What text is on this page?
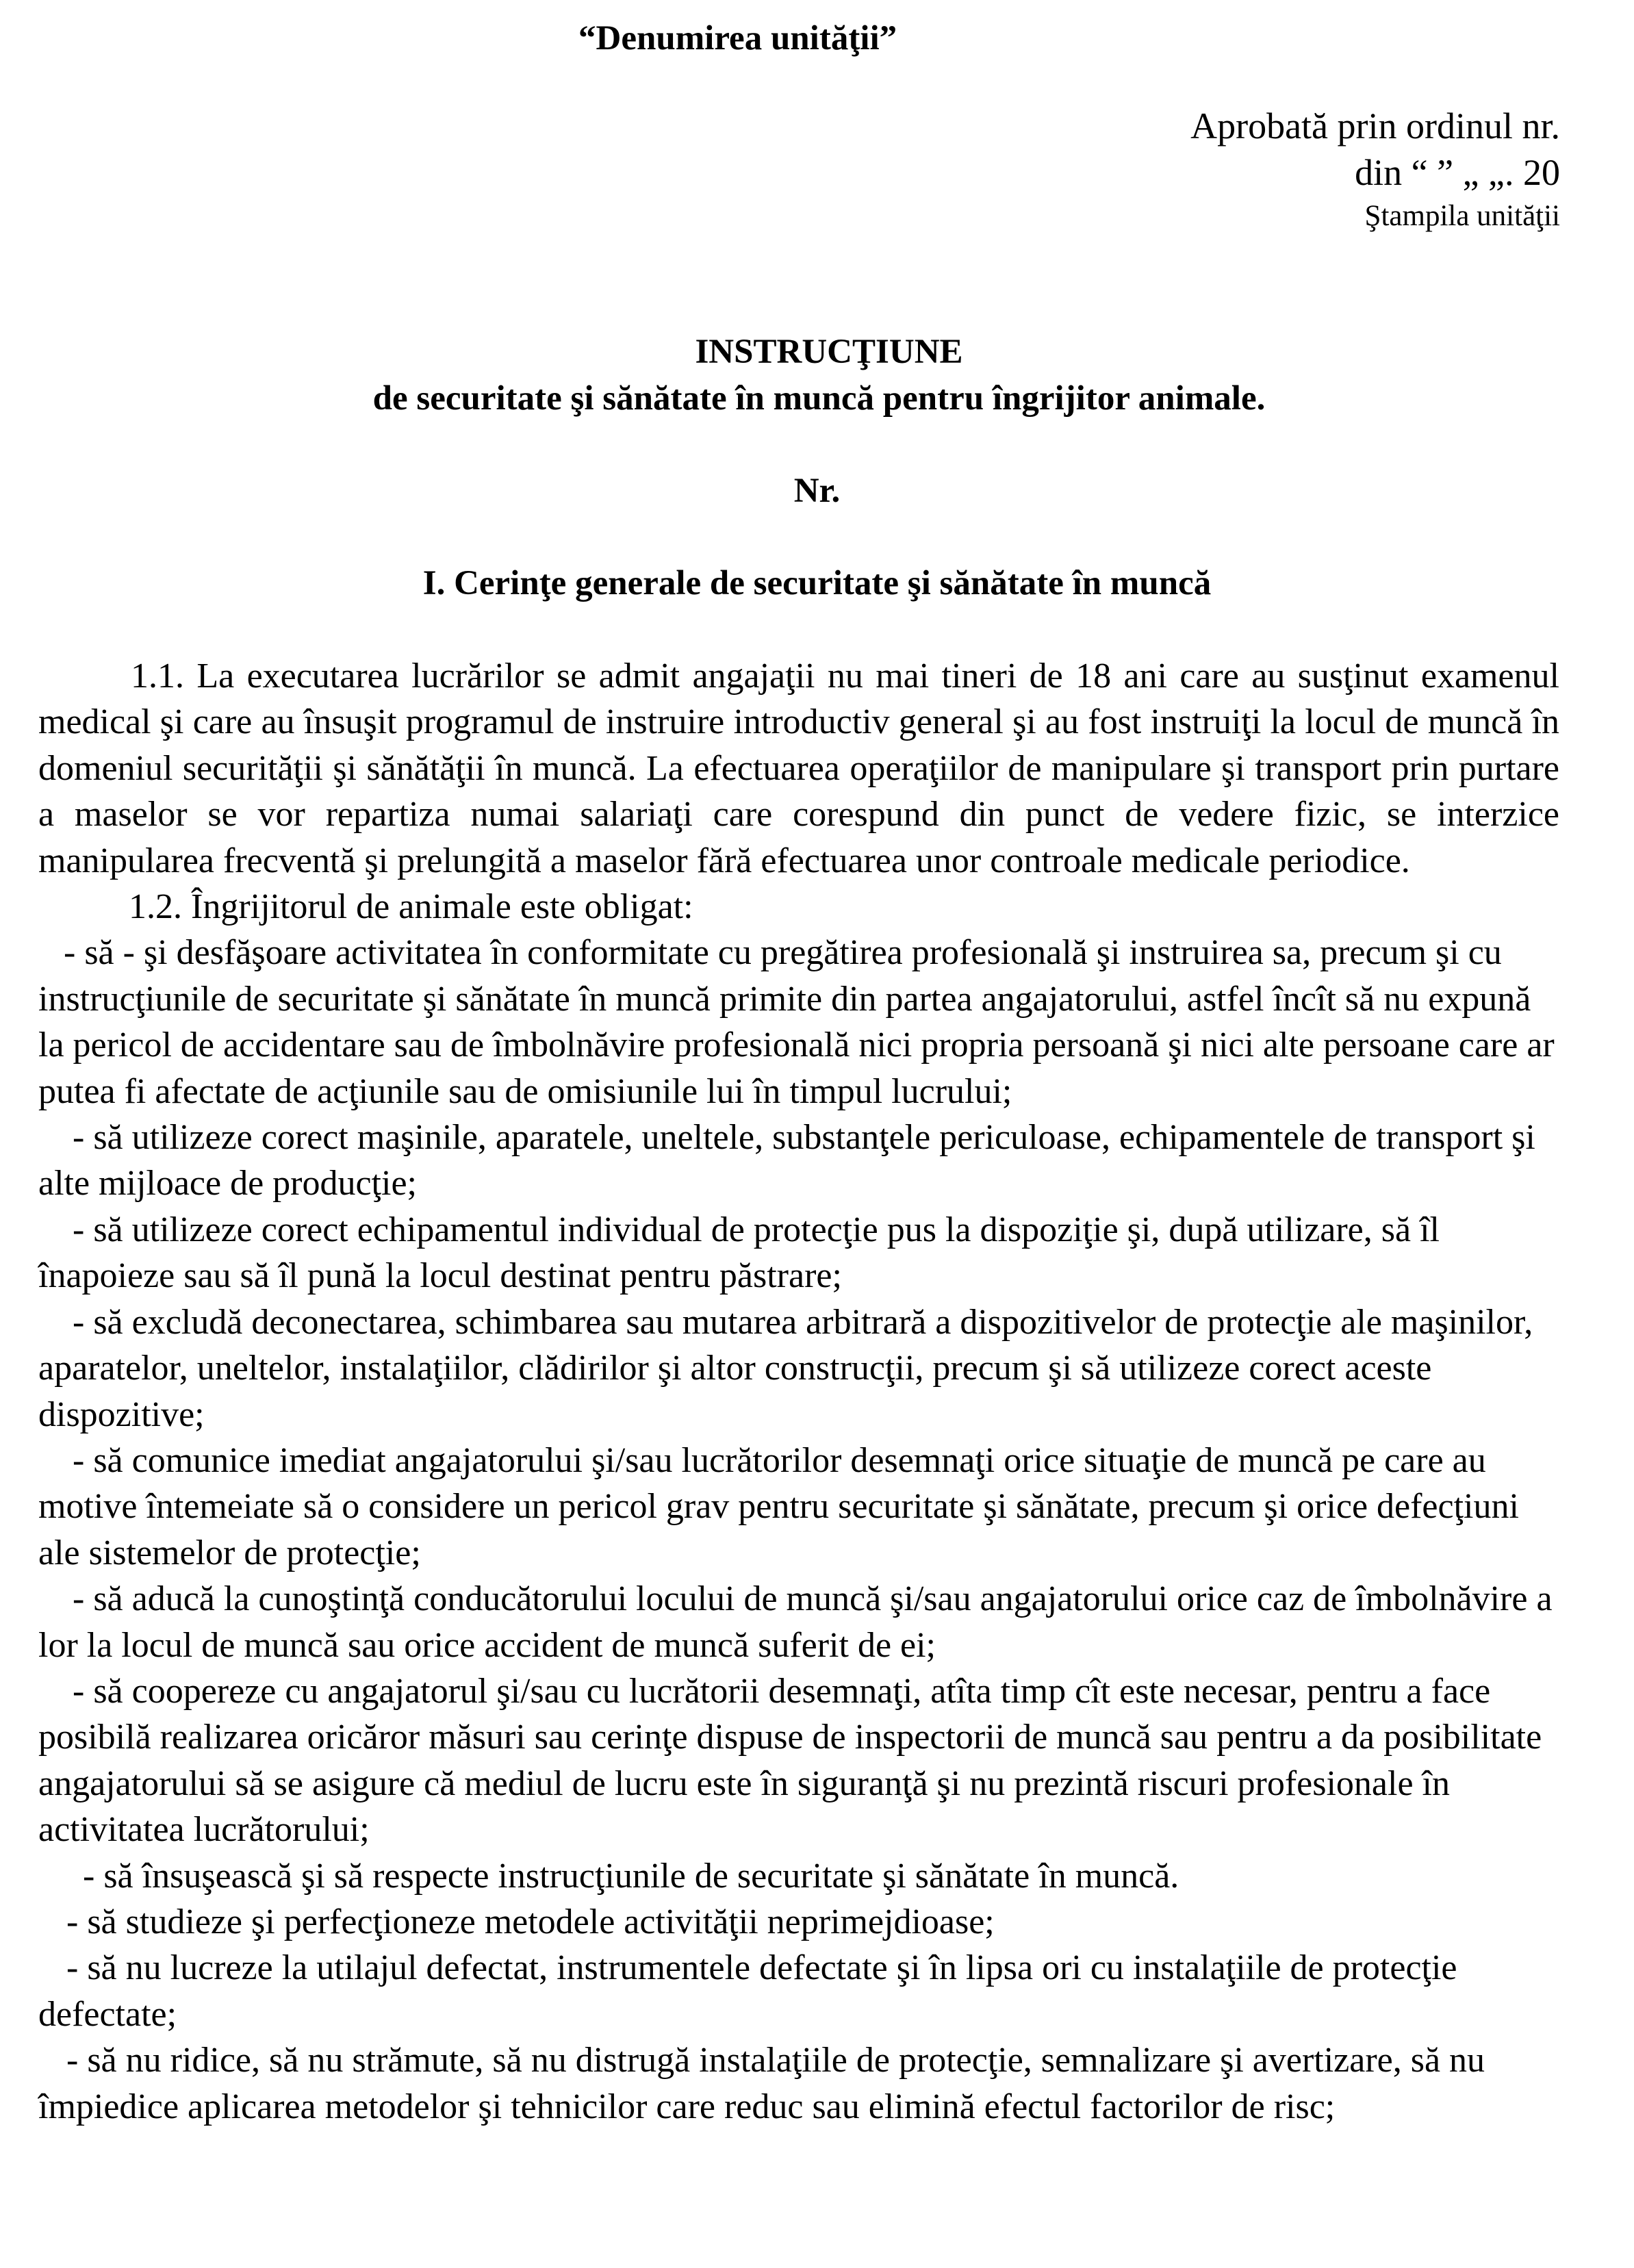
“Denumirea unităţii”
Aprobată prin ordinul nr.
din “ ” „ „. 20
Ştampila unităţii
INSTRUCŢIUNE
de securitate şi sănătate în muncă pentru îngrijitor animale.
Nr.
I. Cerinţe generale de securitate şi sănătate în muncă

1.1. La executarea lucrărilor se admit angajaţii nu mai tineri de 18 ani care au susţinut examenul medical şi care au însuşit programul de instruire introductiv general şi au fost instruiţi la locul de muncă în domeniul securităţii şi sănătăţii în muncă. La efectuarea operaţiilor de manipulare şi transport prin purtare a maselor se vor repartiza numai salariaţi care corespund din punct de vedere fizic, se interzice manipularea frecventă şi prelungită a maselor fără efectuarea unor controale medicale periodice.

1.2. Îngrijitorul de animale este obligat:

- să - şi desfăşoare activitatea în conformitate cu pregătirea profesională şi instruirea sa, precum şi cu instrucţiunile de securitate şi sănătate în muncă primite din partea angajatorului, astfel încît să nu expună la pericol de accidentare sau de îmbolnăvire profesională nici propria persoană şi nici alte persoane care ar putea fi afectate de acţiunile sau de omisiunile lui în timpul lucrului;

- să utilizeze corect maşinile, aparatele, uneltele, substanţele periculoase, echipamentele de transport şi alte mijloace de producţie;

- să utilizeze corect echipamentul individual de protecţie pus la dispoziţie şi, după utilizare, să îl înapoieze sau să îl pună la locul destinat pentru păstrare;

- să excludă deconectarea, schimbarea sau mutarea arbitrară a dispozitivelor de protecţie ale maşinilor, aparatelor, uneltelor, instalaţiilor, clădirilor şi altor construcţii, precum şi să utilizeze corect aceste dispozitive;

- să comunice imediat angajatorului şi/sau lucrătorilor desemnaţi orice situaţie de muncă pe care au motive întemeiate să o considere un pericol grav pentru securitate şi sănătate, precum şi orice defecţiuni ale sistemelor de protecţie;

- să aducă la cunoştinţă conducătorului locului de muncă şi/sau angajatorului orice caz de îmbolnăvire a lor la locul de muncă sau orice accident de muncă suferit de ei;

- să coopereze cu angajatorul şi/sau cu lucrătorii desemnaţi, atîta timp cît este necesar, pentru a face posibilă realizarea oricăror măsuri sau cerinţe dispuse de inspectorii de muncă sau pentru a da posibilitate angajatorului să se asigure că mediul de lucru este în siguranţă şi nu prezintă riscuri profesionale în activitatea lucrătorului;

- să însuşească şi să respecte instrucţiunile de securitate şi sănătate în muncă.

- să studieze şi perfecţioneze metodele activităţii neprimejdioase;

- să nu lucreze la utilajul defectat, instrumentele defectate şi în lipsa ori cu instalaţiile de protecţie defectate;

- să nu ridice, să nu strămute, să nu distrugă instalaţiile de protecţie, semnalizare şi avertizare, să nu împiedice aplicarea metodelor şi tehnicilor care reduc sau elimină efectul factorilor de risc;
